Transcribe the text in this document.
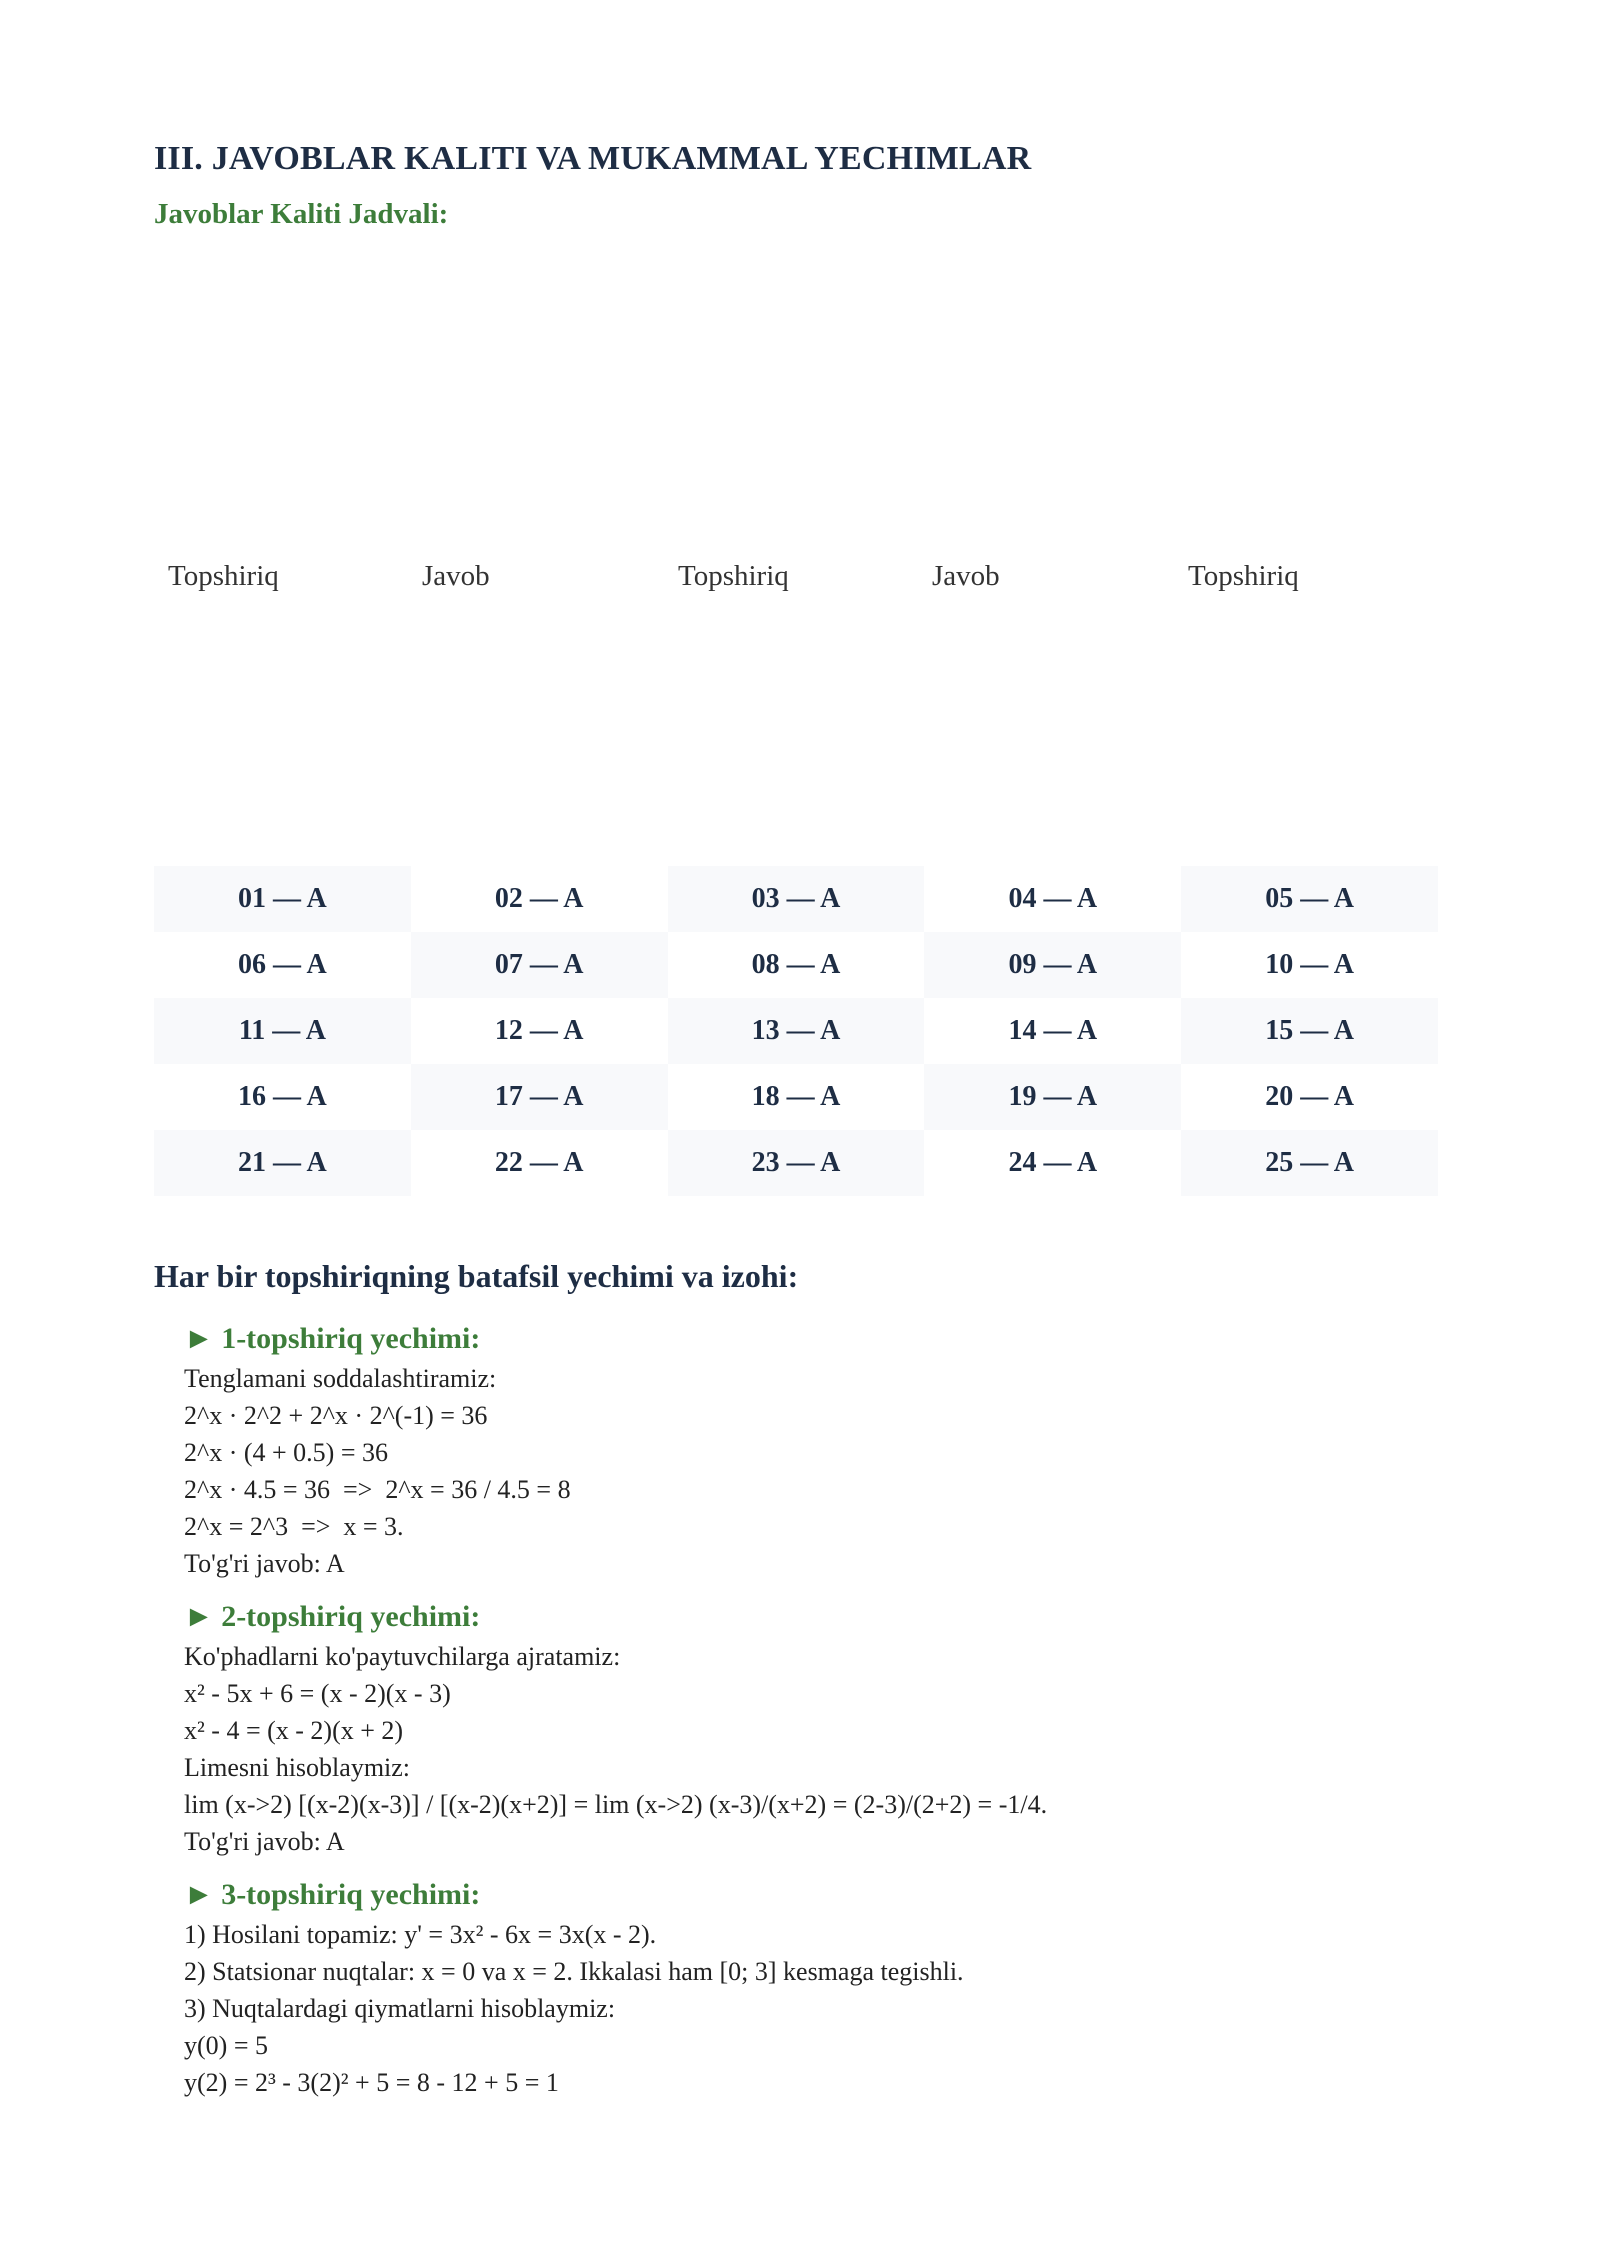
III. JAVOBLAR KALITI VA MUKAMMAL YECHIMLAR
Javoblar Kaliti Jadvali:
Topshiriq	Javob	Topshiriq	Javob	Topshiriq
01 — A	02 — A	03 — A	04 — A	05 — A
06 — A	07 — A	08 — A	09 — A	10 — A
11 — A	12 — A	13 — A	14 — A	15 — A
16 — A	17 — A	18 — A	19 — A	20 — A
21 — A	22 — A	23 — A	24 — A	25 — A
Har bir topshiriqning batafsil yechimi va izohi:
► 1-topshiriq yechimi:
Tenglamani soddalashtiramiz:
2^x · 2^2 + 2^x · 2^(-1) = 36
2^x · (4 + 0.5) = 36
2^x · 4.5 = 36  =>  2^x = 36 / 4.5 = 8
2^x = 2^3  =>  x = 3.
To'g'ri javob: A
► 2-topshiriq yechimi:
Ko'phadlarni ko'paytuvchilarga ajratamiz:
x² - 5x + 6 = (x - 2)(x - 3)
x² - 4 = (x - 2)(x + 2)
Limesni hisoblaymiz:
lim (x->2) [(x-2)(x-3)] / [(x-2)(x+2)] = lim (x->2) (x-3)/(x+2) = (2-3)/(2+2) = -1/4.
To'g'ri javob: A
► 3-topshiriq yechimi:
1) Hosilani topamiz: y' = 3x² - 6x = 3x(x - 2).
2) Statsionar nuqtalar: x = 0 va x = 2. Ikkalasi ham [0; 3] kesmaga tegishli.
3) Nuqtalardagi qiymatlarni hisoblaymiz:
y(0) = 5
y(2) = 2³ - 3(2)² + 5 = 8 - 12 + 5 = 1
